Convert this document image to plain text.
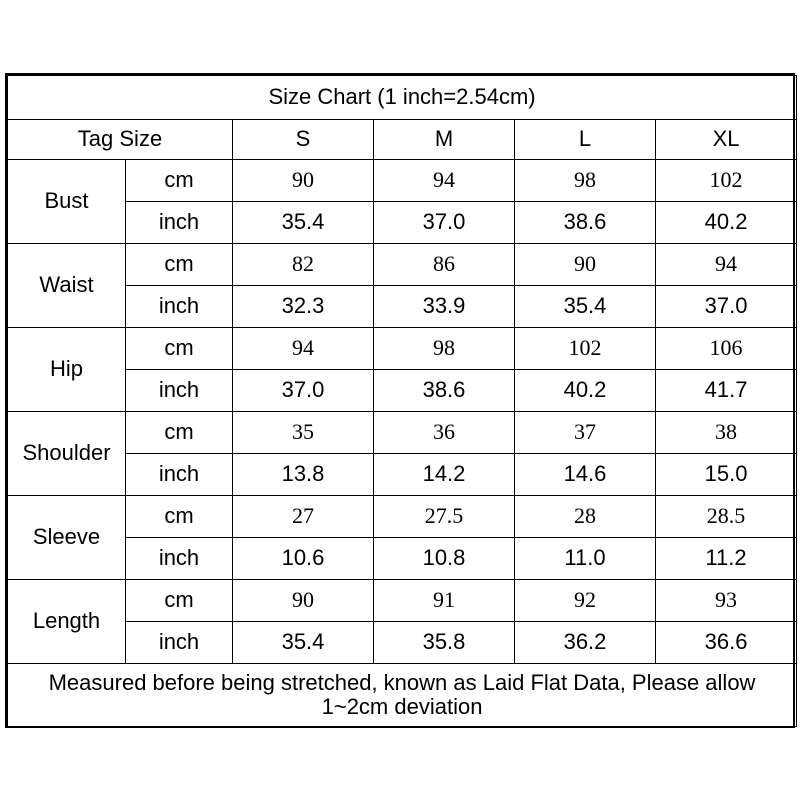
Size Chart (1 inch=2.54cm)					
Tag Size		S	M	L	XL
Bust	cm	90	94	98	102
	inch	35.4	37.0	38.6	40.2
Waist	cm	82	86	90	94
	inch	32.3	33.9	35.4	37.0
Hip	cm	94	98	102	106
	inch	37.0	38.6	40.2	41.7
Shoulder	cm	35	36	37	38
	inch	13.8	14.2	14.6	15.0
Sleeve	cm	27	27.5	28	28.5
	inch	10.6	10.8	11.0	11.2
Length	cm	90	91	92	93
	inch	35.4	35.8	36.2	36.6
Measured before being stretched, known as Laid Flat Data, Please allow
1~2cm deviation					
